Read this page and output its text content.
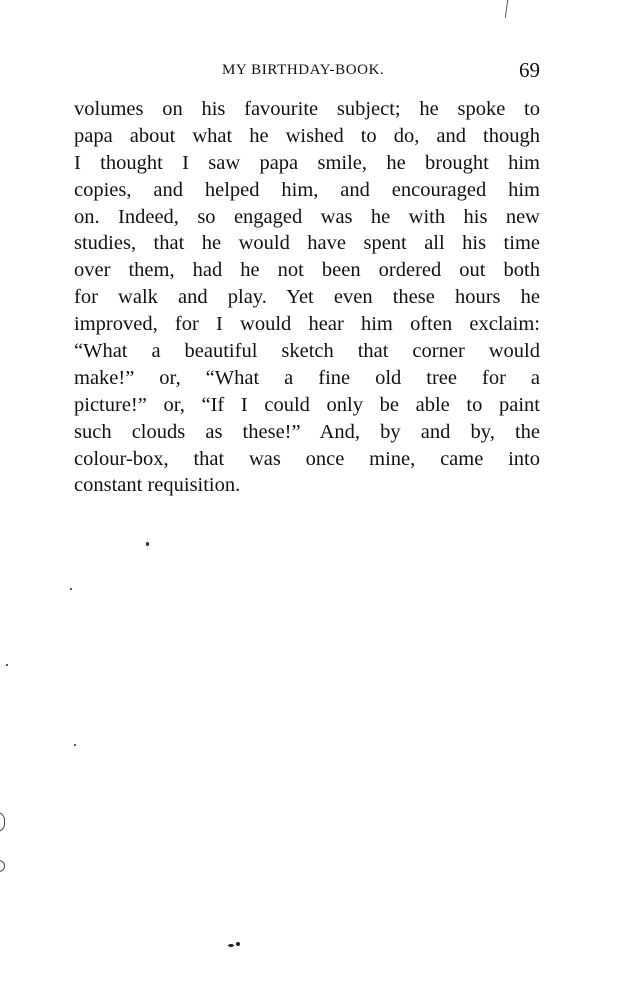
MY BIRTHDAY-BOOK.	69
volumes on his favourite subject; he spoke to
papa about what he wished to do, and though
I thought I saw papa smile, he brought him
copies, and helped him, and encouraged him
on. Indeed, so engaged was he with his new
studies, that he would have spent all his time
over them, had he not been ordered out both
for walk and play. Yet even these hours he
improved, for I would hear him often exclaim:
“What a beautiful sketch that corner would
make!” or, “What a fine old tree for a
picture!” or, “If I could only be able to paint
such clouds as these!” And, by and by, the
colour-box, that was once mine, came into
constant requisition.
